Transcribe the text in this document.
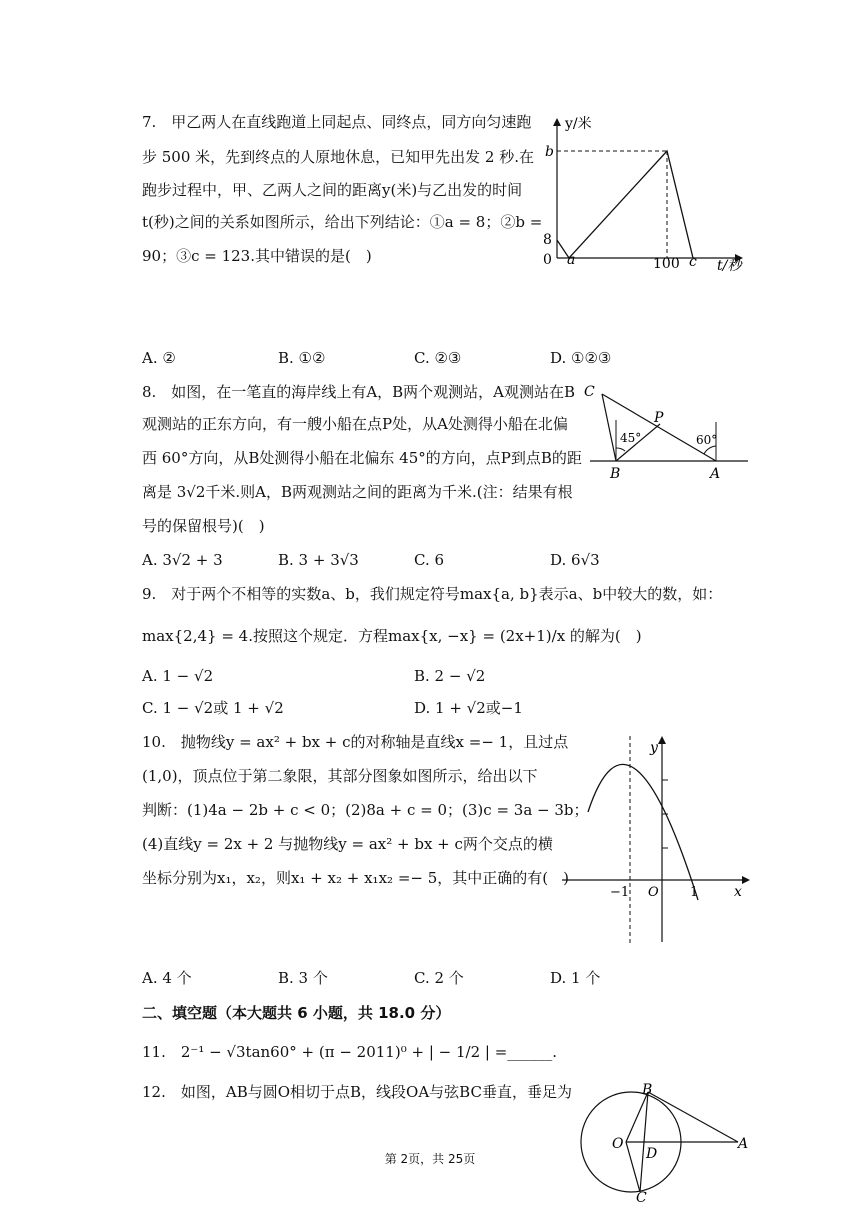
7.　甲乙两人在直线跑道上同起点、同终点，同方向匀速跑
步 500 米，先到终点的人原地休息，已知甲先出发 2 秒.在
跑步过程中，甲、乙两人之间的距离y(米)与乙出发的时间
t(秒)之间的关系如图所示，给出下列结论：①a = 8；②b =
90；③c = 123.其中错误的是(　)
y/米
b
8
0 a	100 c t/秒
A. ②	B. ①②	C. ②③	D. ①②③
8.　如图，在一笔直的海岸线上有A，B两个观测站，A观测站在B
观测站的正东方向，有一艘小船在点P处，从A处测得小船在北偏
西 60°方向，从B处测得小船在北偏东 45°的方向，点P到点B的距
离是 3√2千米.则A，B两观测站之间的距离为千米.(注：结果有根
号的保留根号)(　)
C
P
B	A
45°	60°
A. 3√2 + 3	B. 3 + 3√3	C. 6	D. 6√3
9.　对于两个不相等的实数a、b，我们规定符号max{a, b}表示a、b中较大的数，如：
max{2,4} = 4.按照这个规定．方程max{x, −x} = (2x+1)/x 的解为(　)
A. 1 − √2	B. 2 − √2
C. 1 − √2或 1 + √2	D. 1 + √2或−1
10.　抛物线y = ax² + bx + c的对称轴是直线x =− 1，且过点
(1,0)，顶点位于第二象限，其部分图象如图所示，给出以下
判断：(1)4a − 2b + c < 0；(2)8a + c = 0；(3)c = 3a − 3b；
(4)直线y = 2x + 2 与抛物线y = ax² + bx + c两个交点的横
坐标分别为x₁，x₂，则x₁ + x₂ + x₁x₂ =− 5，其中正确的有(　)
y
x
−1 O 1
A. 4 个	B. 3 个	C. 2 个	D. 1 个
二、填空题（本大题共 6 小题，共 18.0 分）
11.　2⁻¹ − √3tan60° + (π − 2011)⁰ + | − 1/2 | =______.
12.　如图，AB与圆O相切于点B，线段OA与弦BC垂直，垂足为	B
O
D
A
C
第 2页，共 25页
